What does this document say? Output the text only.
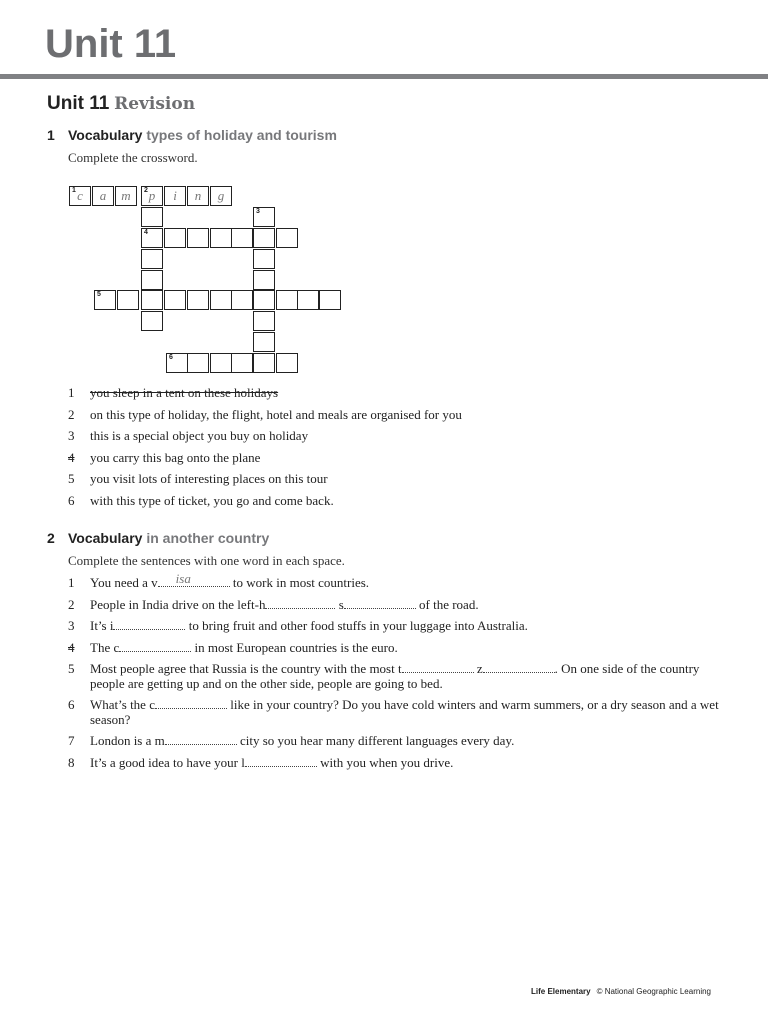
Unit 11
Unit 11 Revision
1 Vocabulary types of holiday and tourism
Complete the crossword.
1 c	a	m	2 p	i	n	g
4
3
5
6
1 you sleep in a tent on these holidays
2 on this type of holiday, the flight, hotel and meals are organised for you
3 this is a special object you buy on holiday
4 you carry this bag onto the plane
5 you visit lots of interesting places on this tour
6 with this type of ticket, you go and come back.
2 Vocabulary in another country
Complete the sentences with one word in each space.
1 You need a v isa	to work in most countries.
2 People in India drive on the left-h	s	of the road.
3 It’s i	to bring fruit and other food stuffs in your luggage into Australia.
4 The c	in most European countries is the euro.
5 Most people agree that Russia is the country with the most t	z	. On one side of the country people are getting up and on the other side, people are going to bed.
6 What’s the c	like in your country? Do you have cold winters and warm summers, or a dry season and a wet season?
7 London is a m	city so you hear many different languages every day.
8 It’s a good idea to have your l	with you when you drive.
Life Elementary © National Geographic Learning
